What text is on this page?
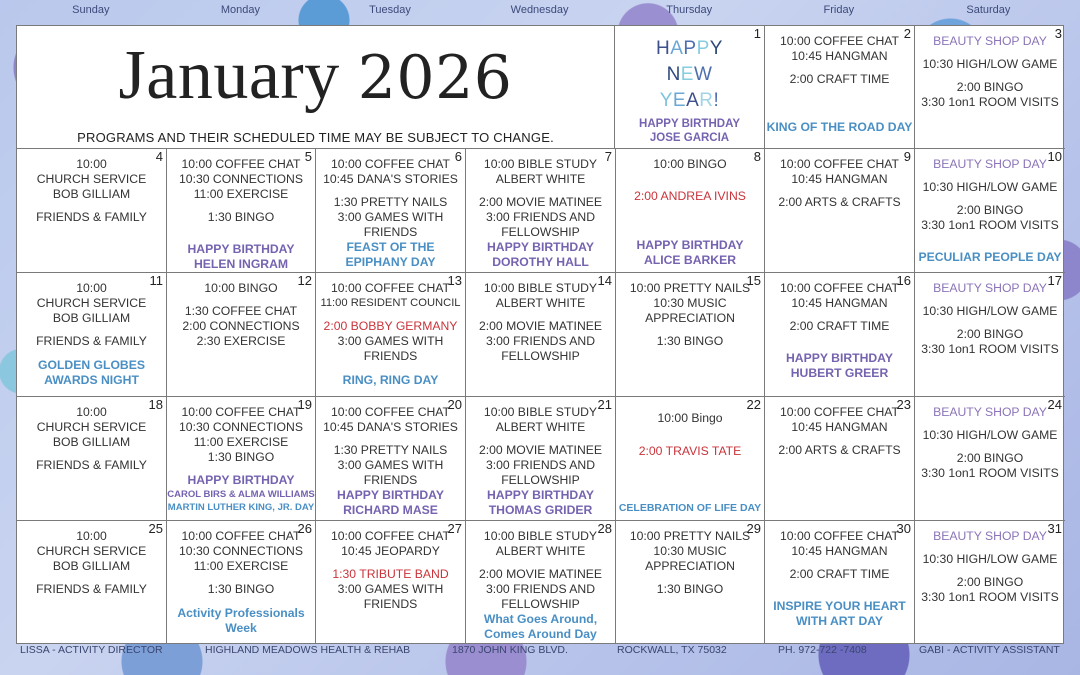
Sunday	Monday	Tuesday	Wednesday	Thursday	Friday	Saturday
January 2026
PROGRAMS AND THEIR SCHEDULED TIME MAY BE SUBJECT TO CHANGE.
1
HAPPY
NEW
YEAR!
HAPPY BIRTHDAY
JOSE GARCIA
2
10:00 COFFEE CHAT
10:45 HANGMAN
2:00 CRAFT TIME
KING OF THE ROAD DAY
3
BEAUTY SHOP DAY
10:30 HIGH/LOW GAME
2:00 BINGO
3:30 1on1 ROOM VISITS
4
10:00
CHURCH SERVICE
BOB GILLIAM
FRIENDS & FAMILY
5
10:00 COFFEE CHAT
10:30 CONNECTIONS
11:00 EXERCISE
1:30 BINGO
HAPPY BIRTHDAY
HELEN INGRAM
6
10:00 COFFEE CHAT
10:45 DANA'S STORIES
1:30 PRETTY NAILS
3:00 GAMES WITH
FRIENDS
FEAST OF THE
EPIPHANY DAY
7
10:00 BIBLE STUDY
ALBERT WHITE
2:00 MOVIE MATINEE
3:00 FRIENDS AND
FELLOWSHIP
HAPPY BIRTHDAY
DOROTHY HALL
8
10:00 BINGO
2:00 ANDREA IVINS
HAPPY BIRTHDAY
ALICE BARKER
9
10:00 COFFEE CHAT
10:45 HANGMAN
2:00 ARTS & CRAFTS
10
BEAUTY SHOP DAY
10:30 HIGH/LOW GAME
2:00 BINGO
3:30 1on1 ROOM VISITS
PECULIAR PEOPLE DAY
11
10:00
CHURCH SERVICE
BOB GILLIAM
FRIENDS & FAMILY
GOLDEN GLOBES
AWARDS NIGHT
12
10:00 BINGO
1:30 COFFEE CHAT
2:00 CONNECTIONS
2:30 EXERCISE
13
10:00 COFFEE CHAT
11:00 RESIDENT COUNCIL
2:00 BOBBY GERMANY
3:00 GAMES WITH
FRIENDS
RING, RING DAY
14
10:00 BIBLE STUDY
ALBERT WHITE
2:00 MOVIE MATINEE
3:00 FRIENDS AND
FELLOWSHIP
15
10:00 PRETTY NAILS
10:30 MUSIC
APPRECIATION
1:30 BINGO
16
10:00 COFFEE CHAT
10:45 HANGMAN
2:00 CRAFT TIME
HAPPY BIRTHDAY
HUBERT GREER
17
BEAUTY SHOP DAY
10:30 HIGH/LOW GAME
2:00 BINGO
3:30 1on1 ROOM VISITS
18
10:00
CHURCH SERVICE
BOB GILLIAM
FRIENDS & FAMILY
19
10:00 COFFEE CHAT
10:30 CONNECTIONS
11:00 EXERCISE
1:30 BINGO
HAPPY BIRTHDAY
CAROL BIRS & ALMA WILLIAMS
MARTIN LUTHER KING, JR. DAY
20
10:00 COFFEE CHAT
10:45 DANA'S STORIES
1:30 PRETTY NAILS
3:00 GAMES WITH
FRIENDS
HAPPY BIRTHDAY
RICHARD MASE
21
10:00 BIBLE STUDY
ALBERT WHITE
2:00 MOVIE MATINEE
3:00 FRIENDS AND
FELLOWSHIP
HAPPY BIRTHDAY
THOMAS GRIDER
22
10:00 Bingo
2:00 TRAVIS TATE
CELEBRATION OF LIFE DAY
23
10:00 COFFEE CHAT
10:45 HANGMAN
2:00 ARTS & CRAFTS
24
BEAUTY SHOP DAY
10:30 HIGH/LOW GAME
2:00 BINGO
3:30 1on1 ROOM VISITS
25
10:00
CHURCH SERVICE
BOB GILLIAM
FRIENDS & FAMILY
26
10:00 COFFEE CHAT
10:30 CONNECTIONS
11:00 EXERCISE
1:30 BINGO
Activity Professionals
Week
27
10:00 COFFEE CHAT
10:45 JEOPARDY
1:30 TRIBUTE BAND
3:00 GAMES WITH
FRIENDS
28
10:00 BIBLE STUDY
ALBERT WHITE
2:00 MOVIE MATINEE
3:00 FRIENDS AND
FELLOWSHIP
What Goes Around,
Comes Around Day
29
10:00 PRETTY NAILS
10:30 MUSIC
APPRECIATION
1:30 BINGO
30
10:00 COFFEE CHAT
10:45 HANGMAN
2:00 CRAFT TIME
INSPIRE YOUR HEART
WITH ART DAY
31
BEAUTY SHOP DAY
10:30 HIGH/LOW GAME
2:00 BINGO
3:30 1on1 ROOM VISITS
LISSA - ACTIVITY DIRECTOR	HIGHLAND MEADOWS HEALTH & REHAB	1870 JOHN KING BLVD.	ROCKWALL, TX 75032	PH. 972-722 -7408	GABI - ACTIVITY ASSISTANT
